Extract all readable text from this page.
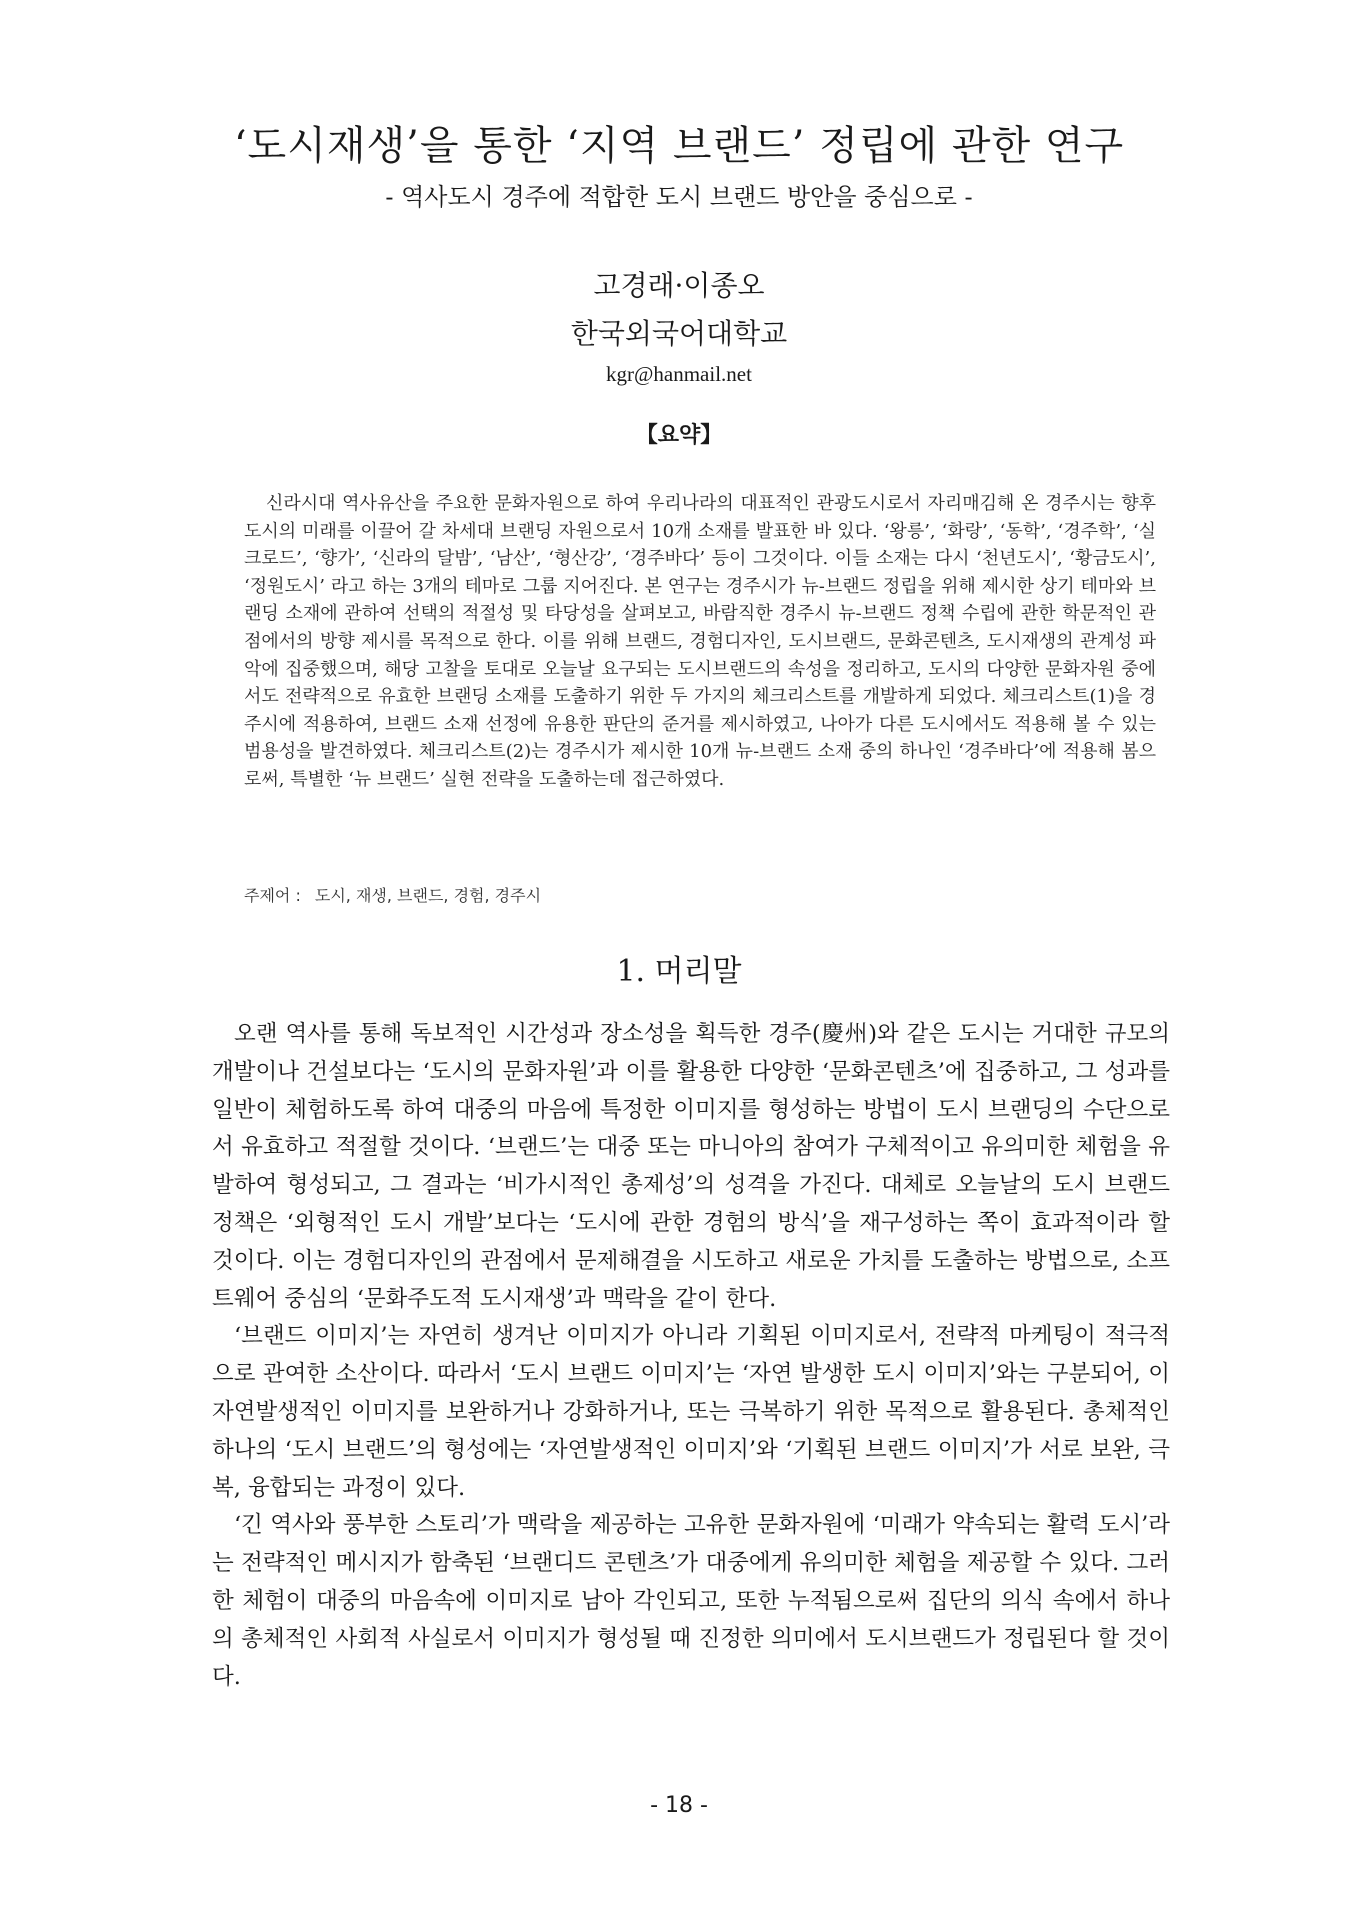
‘도시재생’을 통한 ‘지역 브랜드’ 정립에 관한 연구
- 역사도시 경주에 적합한 도시 브랜드 방안을 중심으로 -
고경래·이종오
한국외국어대학교
kgr@hanmail.net
【요약】

신라시대 역사유산을 주요한 문화자원으로 하여 우리나라의 대표적인 관광도시로서 자리매김해 온 경주시는 향후 도시의 미래를 이끌어 갈 차세대 브랜딩 자원으로서 10개 소재를 발표한 바 있다. ‘왕릉’, ‘화랑’, ‘동학’, ‘경주학’, ‘실크로드’, ‘향가’, ‘신라의 달밤’, ‘남산’, ‘형산강’, ‘경주바다’ 등이 그것이다. 이들 소재는 다시 ‘천년도시’, ‘황금도시’, ‘정원도시’ 라고 하는 3개의 테마로 그룹 지어진다. 본 연구는 경주시가 뉴-브랜드 정립을 위해 제시한 상기 테마와 브랜딩 소재에 관하여 선택의 적절성 및 타당성을 살펴보고, 바람직한 경주시 뉴-브랜드 정책 수립에 관한 학문적인 관점에서의 방향 제시를 목적으로 한다. 이를 위해 브랜드, 경험디자인, 도시브랜드, 문화콘텐츠, 도시재생의 관계성 파악에 집중했으며, 해당 고찰을 토대로 오늘날 요구되는 도시브랜드의 속성을 정리하고, 도시의 다양한 문화자원 중에서도 전략적으로 유효한 브랜딩 소재를 도출하기 위한 두 가지의 체크리스트를 개발하게 되었다. 체크리스트(1)을 경주시에 적용하여, 브랜드 소재 선정에 유용한 판단의 준거를 제시하였고, 나아가 다른 도시에서도 적용해 볼 수 있는 범용성을 발견하였다. 체크리스트(2)는 경주시가 제시한 10개 뉴-브랜드 소재 중의 하나인 ‘경주바다’에 적용해 봄으로써, 특별한 ‘뉴 브랜드’ 실현 전략을 도출하는데 접근하였다.

주제어 : 도시, 재생, 브랜드, 경험, 경주시
1. 머리말

오랜 역사를 통해 독보적인 시간성과 장소성을 획득한 경주(慶州)와 같은 도시는 거대한 규모의 개발이나 건설보다는 ‘도시의 문화자원’과 이를 활용한 다양한 ‘문화콘텐츠’에 집중하고, 그 성과를 일반이 체험하도록 하여 대중의 마음에 특정한 이미지를 형성하는 방법이 도시 브랜딩의 수단으로서 유효하고 적절할 것이다. ‘브랜드’는 대중 또는 마니아의 참여가 구체적이고 유의미한 체험을 유발하여 형성되고, 그 결과는 ‘비가시적인 총제성’의 성격을 가진다. 대체로 오늘날의 도시 브랜드 정책은 ‘외형적인 도시 개발’보다는 ‘도시에 관한 경험의 방식’을 재구성하는 쪽이 효과적이라 할 것이다. 이는 경험디자인의 관점에서 문제해결을 시도하고 새로운 가치를 도출하는 방법으로, 소프트웨어 중심의 ‘문화주도적 도시재생’과 맥락을 같이 한다.

‘브랜드 이미지’는 자연히 생겨난 이미지가 아니라 기획된 이미지로서, 전략적 마케팅이 적극적으로 관여한 소산이다. 따라서 ‘도시 브랜드 이미지’는 ‘자연 발생한 도시 이미지’와는 구분되어, 이 자연발생적인 이미지를 보완하거나 강화하거나, 또는 극복하기 위한 목적으로 활용된다. 총체적인 하나의 ‘도시 브랜드’의 형성에는 ‘자연발생적인 이미지’와 ‘기획된 브랜드 이미지’가 서로 보완, 극복, 융합되는 과정이 있다.

‘긴 역사와 풍부한 스토리’가 맥락을 제공하는 고유한 문화자원에 ‘미래가 약속되는 활력 도시’라는 전략적인 메시지가 함축된 ‘브랜디드 콘텐츠’가 대중에게 유의미한 체험을 제공할 수 있다. 그러한 체험이 대중의 마음속에 이미지로 남아 각인되고, 또한 누적됨으로써 집단의 의식 속에서 하나의 총체적인 사회적 사실로서 이미지가 형성될 때 진정한 의미에서 도시브랜드가 정립된다 할 것이다.

- 18 -
